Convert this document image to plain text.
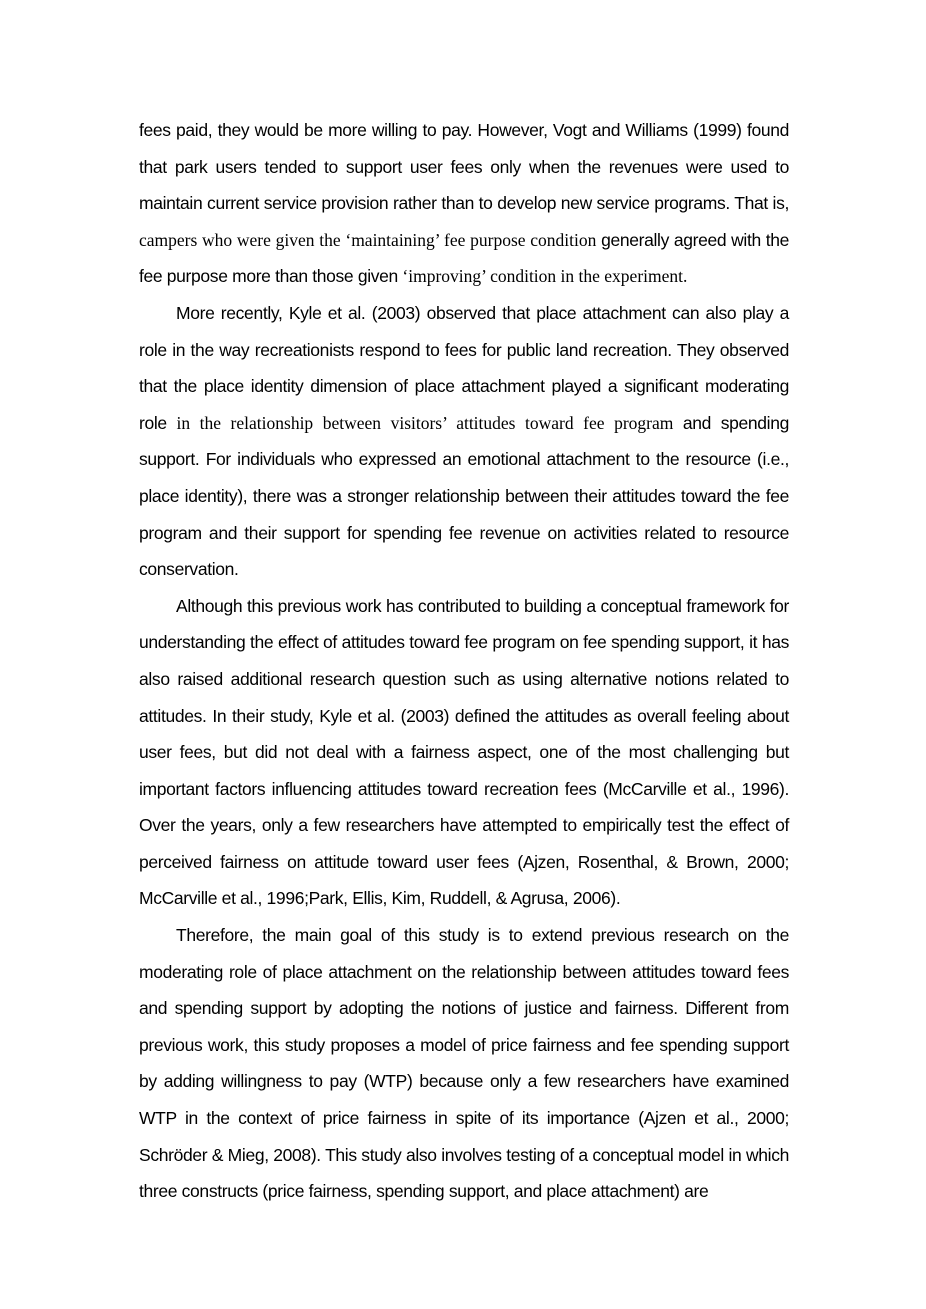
fees paid, they would be more willing to pay. However, Vogt and Williams (1999) found that park users tended to support user fees only when the revenues were used to maintain current service provision rather than to develop new service programs. That is, campers who were given the ‘maintaining’ fee purpose condition generally agreed with the fee purpose more than those given ‘improving’ condition in the experiment.

More recently, Kyle et al. (2003) observed that place attachment can also play a role in the way recreationists respond to fees for public land recreation. They observed that the place identity dimension of place attachment played a significant moderating role in the relationship between visitors’ attitudes toward fee program and spending support. For individuals who expressed an emotional attachment to the resource (i.e., place identity), there was a stronger relationship between their attitudes toward the fee program and their support for spending fee revenue on activities related to resource conservation.

Although this previous work has contributed to building a conceptual framework for understanding the effect of attitudes toward fee program on fee spending support, it has also raised additional research question such as using alternative notions related to attitudes. In their study, Kyle et al. (2003) defined the attitudes as overall feeling about user fees, but did not deal with a fairness aspect, one of the most challenging but important factors influencing attitudes toward recreation fees (McCarville et al., 1996). Over the years, only a few researchers have attempted to empirically test the effect of perceived fairness on attitude toward user fees (Ajzen, Rosenthal, & Brown, 2000; McCarville et al., 1996;Park, Ellis, Kim, Ruddell, & Agrusa, 2006).

Therefore, the main goal of this study is to extend previous research on the moderating role of place attachment on the relationship between attitudes toward fees and spending support by adopting the notions of justice and fairness. Different from previous work, this study proposes a model of price fairness and fee spending support by adding willingness to pay (WTP) because only a few researchers have examined WTP in the context of price fairness in spite of its importance (Ajzen et al., 2000; Schröder & Mieg, 2008). This study also involves testing of a conceptual model in which three constructs (price fairness, spending support, and place attachment) are
